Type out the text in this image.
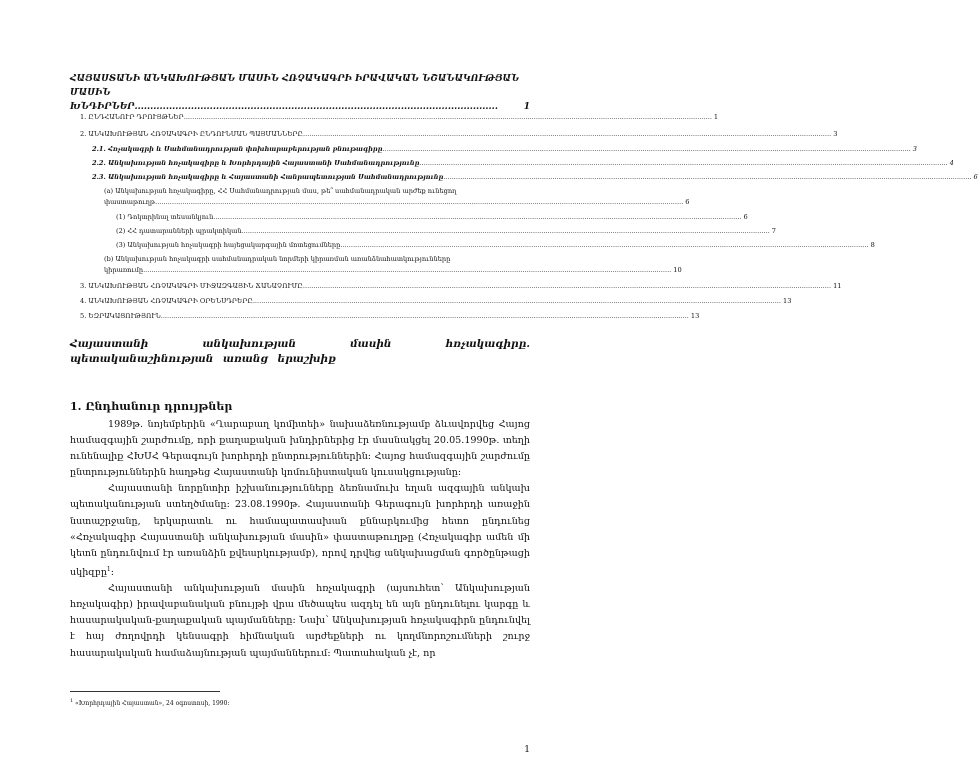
ՀԱՅԱՍՏԱՆԻ ԱՆԿԱԽՈՒԹՅԱՆ ՄԱՍԻՆ ՀՌՉԱԿԱԳՐԻ ԻՐԱՎԱԿԱՆ ՆՇԱՆԱԿՈՒԹՅԱՆ ՄԱՍԻՆ ԽՆԴԻՐՆԵՐ....................................................................................................................	1
1. ԸՆԴՀԱՆՈՒՐ ԴՐՈՒՅԹՆԵՐ .....	1
2. ԱՆԿԱԽՈՒԹՅԱՆ ՀՌՉԱԿԱԳՐԻ ԸՆԴՈՒՆՄԱՆ ՊԱՅՄԱՆՆԵՐԸ .....	3
2.1. Հռչակագրի և Սահմանադրության փոխհարաբերության բնութագիրը .....	3
2.2. Անկախության հռչակագիրը և Խորհրդային Հայաստանի Սահմանադրությունը .....	4
2.3. Անկախության հռչակագիրը և Հայաստանի Հանրապետության Սահմանադրությունը .....	6
(a) Անկախության հռչակագիրը, ՀՀ Սահմանադրության մաս, թե՞ սահմանադրական արժեք ունեցող
փաստաթուղթ .....	6
(1) Դոկտրինալ տեսանկյուն .....	6
(2) ՀՀ դատարանների պրակտիկան .....	7
(3) Անկախության հռչակագրի հայեցակարգային մոտեցումները .....	8
(b) Անկախության հռչակագրի սահմանադրական նորմերի կիրառման առանձնահատկությունները
կիրառումը .....	10
3. ԱՆԿԱԽՈՒԹՅԱՆ ՀՌՉԱԿԱԳՐԻ ՄԻՋԱԶԳԱՅԻՆ ՃԱՆԱՉՈՒՄԸ .....	11
4. ԱՆԿԱԽՈՒԹՅԱՆ ՀՌՉԱԿԱԳՐԻ ՕՐԵՆՍԴՐԵՐԸ .....	13
5. ԵԶՐԱԿԱՑՈՒԹՅՈՒՆ .....	13
Հայաստանի անկախության մասին հռչակագիրը. պետականաշինության առանց երաշխիք
1. Ընդհանուր դրույթներ

1989թ. նոյեմբերին «Ղարաբաղ կոմիտեի» նախաձեռնությամբ ձևավորվեց Հայոց համազգային շարժումը, որի քաղաքական խնդիրներից էր մասնակցել 20.05.1990թ. տեղի ունենալիք ՀԽՍՀ Գերագույն խորհրդի ընտրություններին: Հայոց համազգային շարժումը ընտրություններին հաղթեց Հայաստանի կոմունիստական կուսակցությանը:

Հայաստանի նորընտիր իշխանությունները ձեռնամուխ եղան ազգային անկախ պետականության ստեղծմանը: 23.08.1990թ. Հայաստանի Գերագույն խորհրդի առաջին նստաշրջանը, երկարատև ու համապատասխան քննարկումից հետո ընդունեց «Հռչակագիր Հայաստանի անկախության մասին» փաստաթուղթը (Հռչակագիր ամեն մի կետն ընդունվում էր առանձին քվեարկությամբ), որով դրվեց անկախացման գործընթացի սկիզբը$^1$:

Հայաստանի անկախության մասին հռչակագրի (այսուհետ՝ Անկախության հռչակագիր) իրավաբանական բնույթի վրա մեծապես ազդել են այն ընդունելու կարգը և հասարակական-քաղաքական պայմանները: Նախ՝ Անկախության հռչակագիրն ընդունվել է հայ ժողովրդի կենսագրի հիմնական արժեքների ու կողմնորոշումների շուրջ հասարակական համաձայնության պայմաններում: Պատահական չէ, որ

$^1$ «Խորհրդային Հայաստան», 24 օգոստոսի, 1990:
1
